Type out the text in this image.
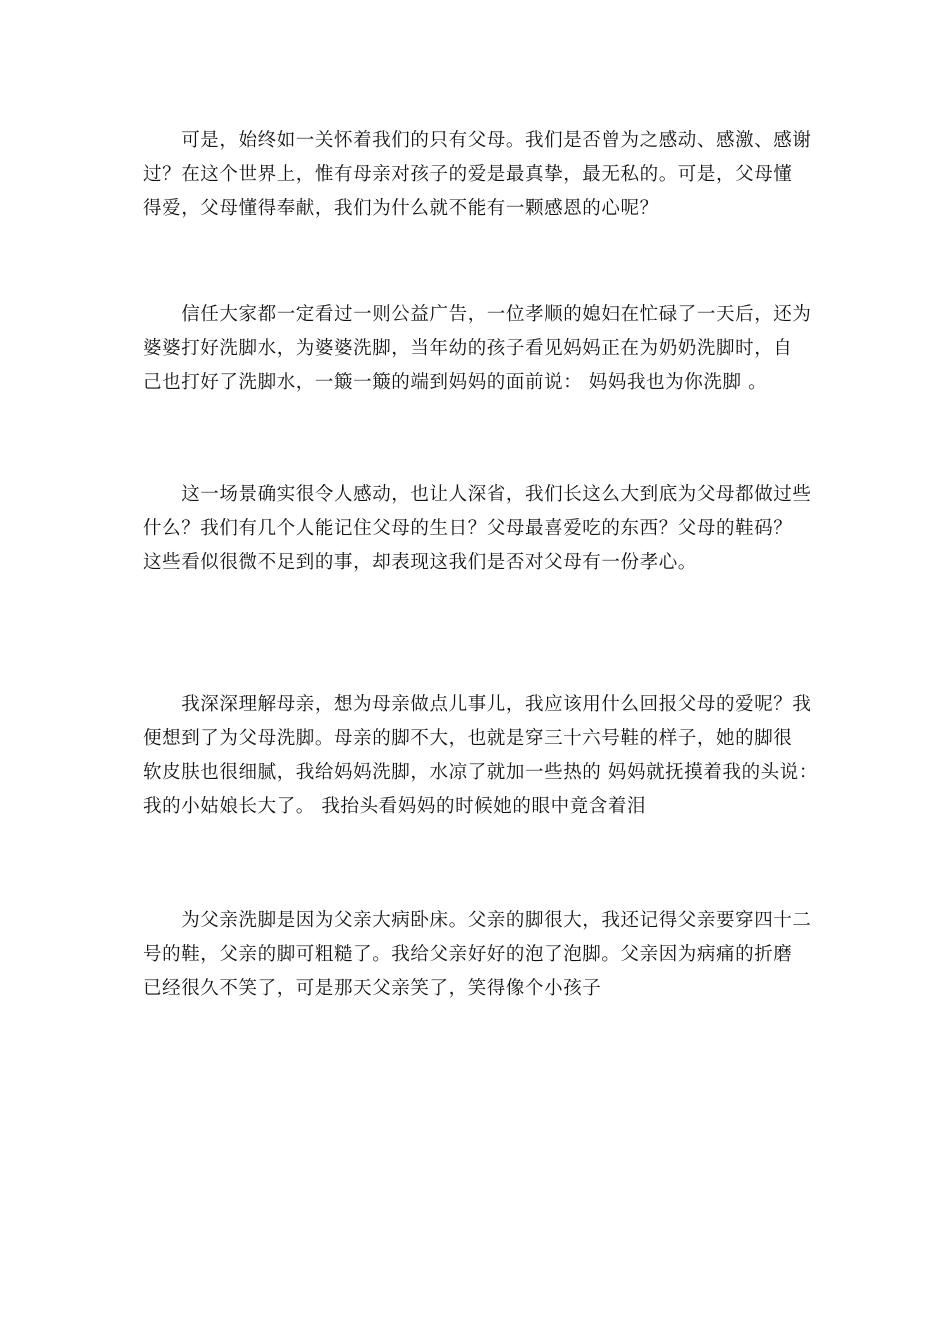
　　可是，始终如一关怀着我们的只有父母。我们是否曾为之感动、感激、感谢
过？在这个世界上，惟有母亲对孩子的爱是最真挚，最无私的。可是，父母懂
得爱，父母懂得奉献，我们为什么就不能有一颗感恩的心呢？
　　信任大家都一定看过一则公益广告，一位孝顺的媳妇在忙碌了一天后，还为
婆婆打好洗脚水，为婆婆洗脚，当年幼的孩子看见妈妈正在为奶奶洗脚时，自
己也打好了洗脚水，一簸一簸的端到妈妈的面前说： 妈妈我也为你洗脚 。
　　这一场景确实很令人感动，也让人深省，我们长这么大到底为父母都做过些
什么？我们有几个人能记住父母的生日？父母最喜爱吃的东西？父母的鞋码？
这些看似很微不足到的事，却表现这我们是否对父母有一份孝心。
　　我深深理解母亲，想为母亲做点儿事儿，我应该用什么回报父母的爱呢？我
便想到了为父母洗脚。母亲的脚不大，也就是穿三十六号鞋的样子，她的脚很
软皮肤也很细腻，我给妈妈洗脚，水凉了就加一些热的 妈妈就抚摸着我的头说：
我的小姑娘长大了。 我抬头看妈妈的时候她的眼中竟含着泪
　　为父亲洗脚是因为父亲大病卧床。父亲的脚很大，我还记得父亲要穿四十二
号的鞋，父亲的脚可粗糙了。我给父亲好好的泡了泡脚。父亲因为病痛的折磨
已经很久不笑了，可是那天父亲笑了，笑得像个小孩子
